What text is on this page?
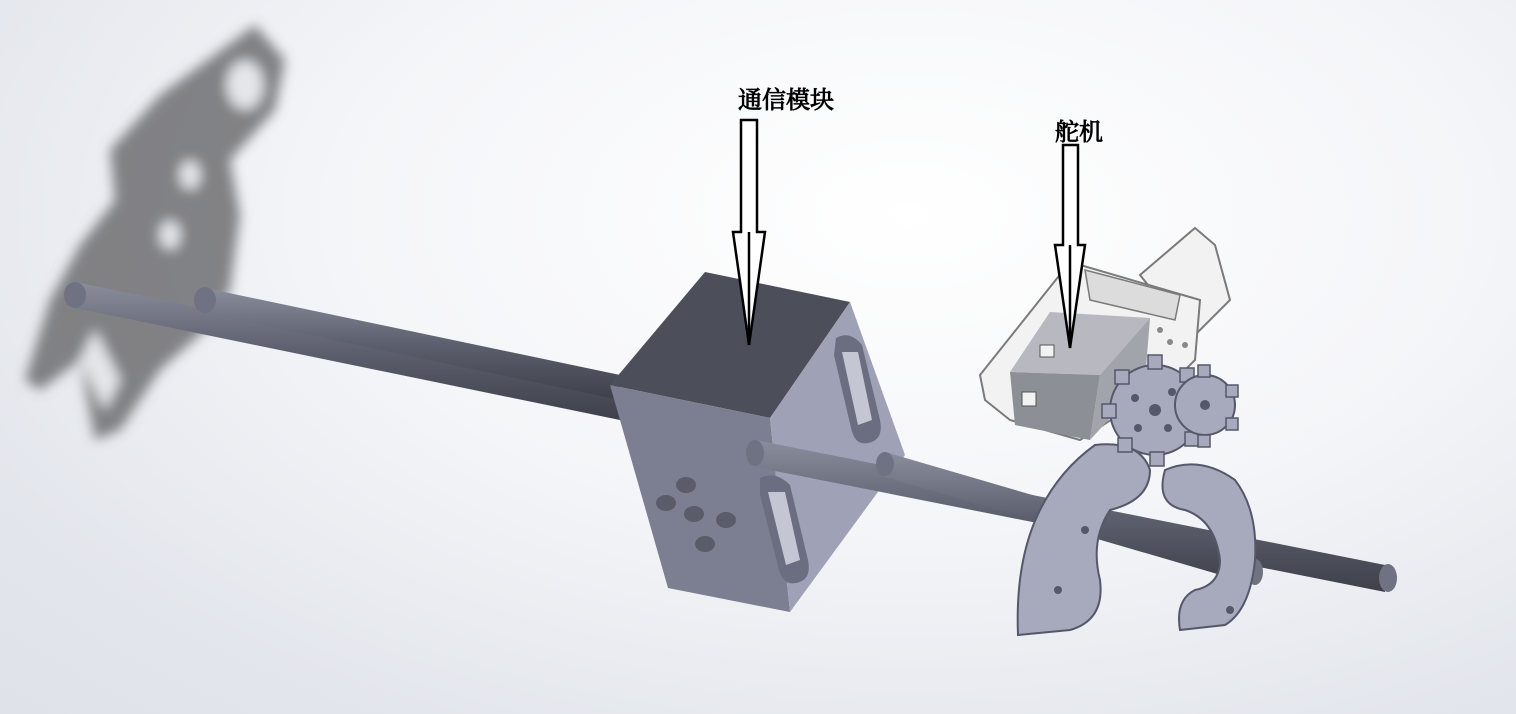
通信模块
舵机
